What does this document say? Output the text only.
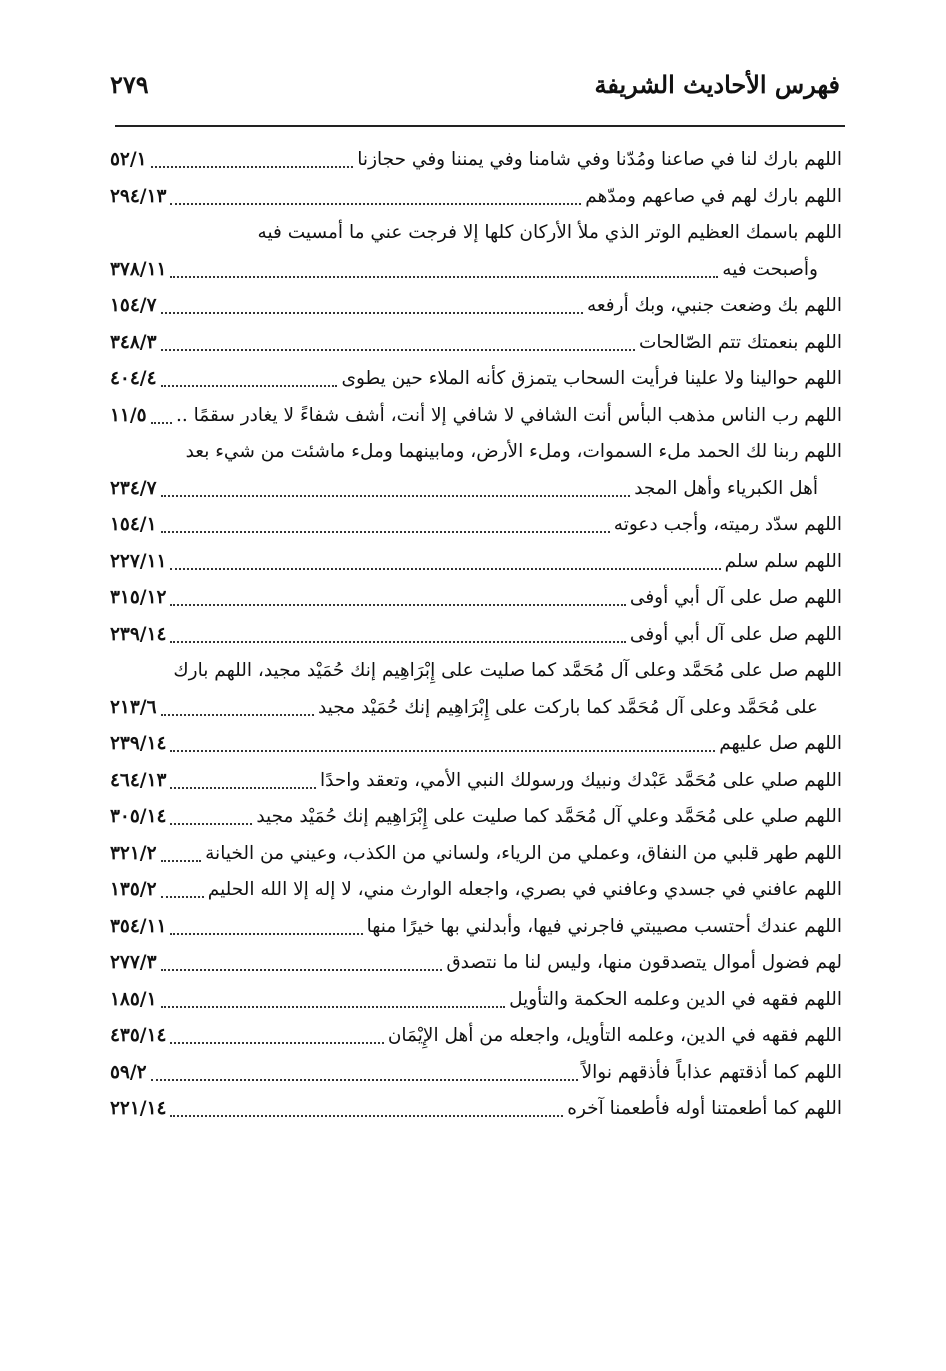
فهرس الأحاديث الشريفة
٢٧٩
اللهم بارك لنا في صاعنا ومُدّنا وفي شامنا وفي يمننا وفي حجازنا
٥٢/١
اللهم بارك لهم في صاعهم ومدّهم
٢٩٤/١٣
اللهم باسمك العظيم الوتر الذي ملأ الأركان كلها إلا فرجت عني ما أمسيت فيه
وأصبحت فيه
٣٧٨/١١
اللهم بك وضعت جنبي، وبك أرفعه
١٥٤/٧
اللهم بنعمتك تتم الصّالحات
٣٤٨/٣
اللهم حوالينا ولا علينا فرأيت السحاب يتمزق كأنه الملاء حين يطوى
٤٠٤/٤
اللهم رب الناس مذهب البأس أنت الشافي لا شافي إلا أنت، أشف شفاءً لا يغادر سقمًا ..
١١/٥
اللهم ربنا لك الحمد ملء السموات، وملء الأرض، ومابينهما وملء ماشئت من شيء بعد
أهل الكبرياء وأهل المجد
٢٣٤/٧
اللهم سدّد رميته، وأجب دعوته
١٥٤/١
اللهم سلم سلم
٢٢٧/١١
اللهم صل على آل أبي أوفى
٣١٥/١٢
اللهم صل على آل أبي أوفى
٢٣٩/١٤
اللهم صل على مُحَمَّد وعلى آل مُحَمَّد كما صليت على إِبْرَاهِيم إنك حُمَيْد مجيد، اللهم بارك
على مُحَمَّد وعلى آل مُحَمَّد كما باركت على إِبْرَاهِيم إنك حُمَيْد مجيد
٢١٣/٦
اللهم صل عليهم
٢٣٩/١٤
اللهم صلي على مُحَمَّد عَبْدك ونبيك ورسولك النبي الأمي، وتعقد واحدًا
٤٦٤/١٣
اللهم صلي على مُحَمَّد وعلي آل مُحَمَّد كما صليت على إِبْرَاهِيم إنك حُمَيْد مجيد
٣٠٥/١٤
اللهم طهر قلبي من النفاق، وعملي من الرياء، ولساني من الكذب، وعيني من الخيانة
٣٢١/٢
اللهم عافني في جسدي وعافني في بصري، واجعله الوارث مني، لا إله إلا الله الحليم
١٣٥/٢
اللهم عندك أحتسب مصيبتي فاجرني فيها، وأبدلني بها خيرًا منها
٣٥٤/١١
لهم فضول أموال يتصدقون منها، وليس لنا ما نتصدق
٢٧٧/٣
اللهم فقهه في الدين وعلمه الحكمة والتأويل
١٨٥/١
اللهم فقهه في الدين، وعلمه التأويل، واجعله من أهل الإِيْمَان
٤٣٥/١٤
اللهم كما أذقتهم عذاباً فأذقهم نوالاً
٥٩/٢
اللهم كما أطعمتنا أوله فأطعمنا آخره
٢٢١/١٤
